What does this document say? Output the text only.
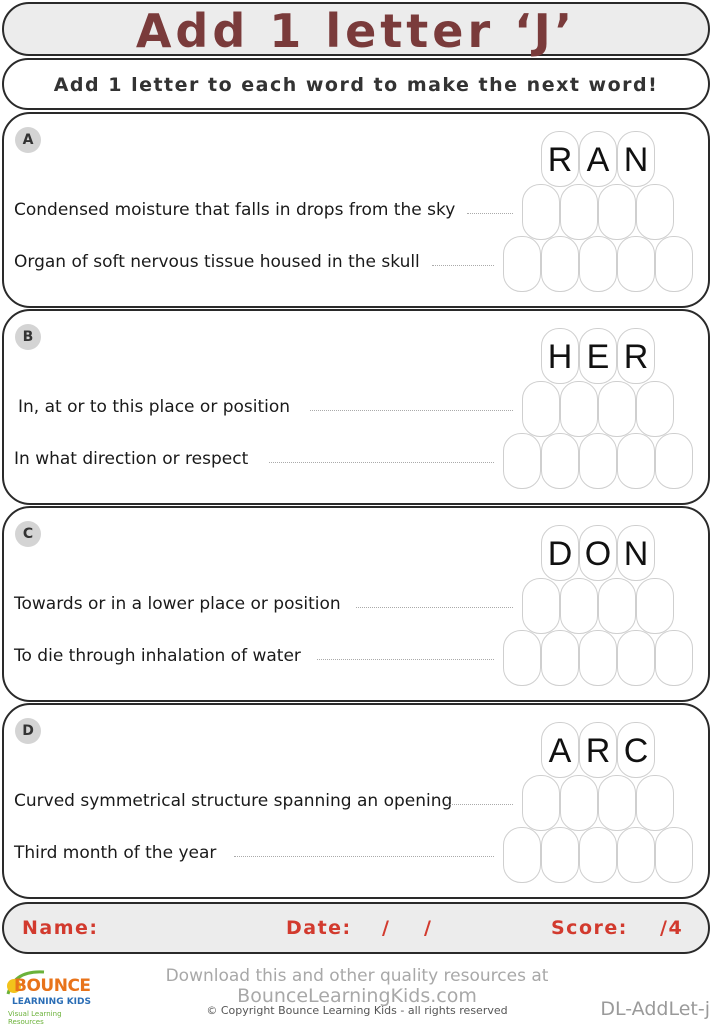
Add 1 letter ‘J’
Add 1 letter to each word to make the next word!
A
R A N
Condensed moisture that falls in drops from the sky
Organ of soft nervous tissue housed in the skull
B
H E R
In, at or to this place or position
In what direction or respect
C
D O N
Towards or in a lower place or position
To die through inhalation of water
D
A R C
Curved symmetrical structure spanning an opening
Third month of the year
Name:	Date: / /	Score: /4
BOUNCE
LEARNING KIDS
Visual Learning Resources
Download this and other quality resources at
BounceLearningKids.com
© Copyright Bounce Learning Kids - all rights reserved	DL-AddLet-j
